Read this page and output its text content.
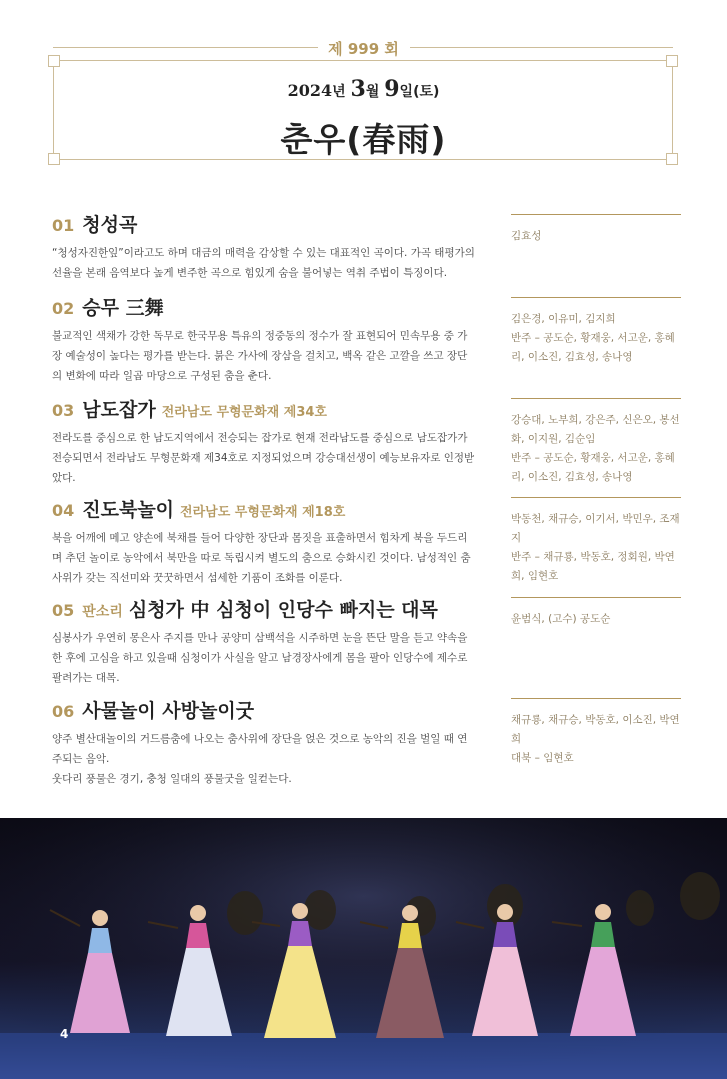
제 999 회
2024년 3월 9일(토)
춘우(春雨)
01 청성곡
“청성자진한잎”이라고도 하며 대금의 매력을 감상할 수 있는 대표적인 곡이다. 가곡 태평가의 선율을 본래 음역보다 높게 변주한 곡으로 힘있게 숨을 불어넣는 역취 주법이 특징이다.
김효성
02 승무 三舞
불교적인 색채가 강한 독무로 한국무용 특유의 정중동의 정수가 잘 표현되어 민속무용 중 가장 예술성이 높다는 평가를 받는다. 붉은 가사에 장삼을 걸치고, 백옥 같은 고깔을 쓰고 장단의 변화에 따라 일곱 마당으로 구성된 춤을 춘다.
김은경, 이유미, 김지희
반주 – 공도순, 황재웅, 서고운, 홍혜리, 이소진, 김효성, 송나영
03 남도잡가 전라남도 무형문화재 제34호
전라도를 중심으로 한 남도지역에서 전승되는 잡가로 현재 전라남도를 중심으로 남도잡가가 전승되면서 전라남도 무형문화재 제34호로 지정되었으며 강승대선생이 예능보유자로 인정받았다.
강승대, 노부희, 강은주, 신은오, 봉선화, 이지원, 김순임
반주 – 공도순, 황재웅, 서고운, 홍혜리, 이소진, 김효성, 송나영
04 진도북놀이 전라남도 무형문화재 제18호
북을 어깨에 메고 양손에 북채를 들어 다양한 장단과 몸짓을 표출하면서 힘차게 북을 두드리며 추던 놀이로 농악에서 북만을 따로 독립시켜 별도의 춤으로 승화시킨 것이다. 남성적인 춤사위가 갖는 직선미와 꿋꿋하면서 섬세한 기품이 조화를 이룬다.
박동천, 채규승, 이기서, 박민우, 조재지
반주 – 채규룡, 박동호, 정회원, 박연희, 임현호
05 판소리 심청가 中 심청이 인당수 빠지는 대목
심봉사가 우연히 몽은사 주지를 만나 공양미 삼백석을 시주하면 눈을 뜬단 말을 듣고 약속을 한 후에 고심을 하고 있을때 심청이가 사실을 알고 남경장사에게 몸을 팔아 인당수에 제수로 팔려가는 대목.
윤범식, (고수) 공도순
06 사물놀이 사방놀이굿
양주 별산대놀이의 거드름춤에 나오는 춤사위에 장단을 얹은 것으로 농악의 진을 벌일 때 연주되는 음악.
웃다리 풍물은 경기, 충청 일대의 풍물굿을 일컫는다.
채규룡, 채규승, 박동호, 이소진, 박연희
대북 – 임현호
4
